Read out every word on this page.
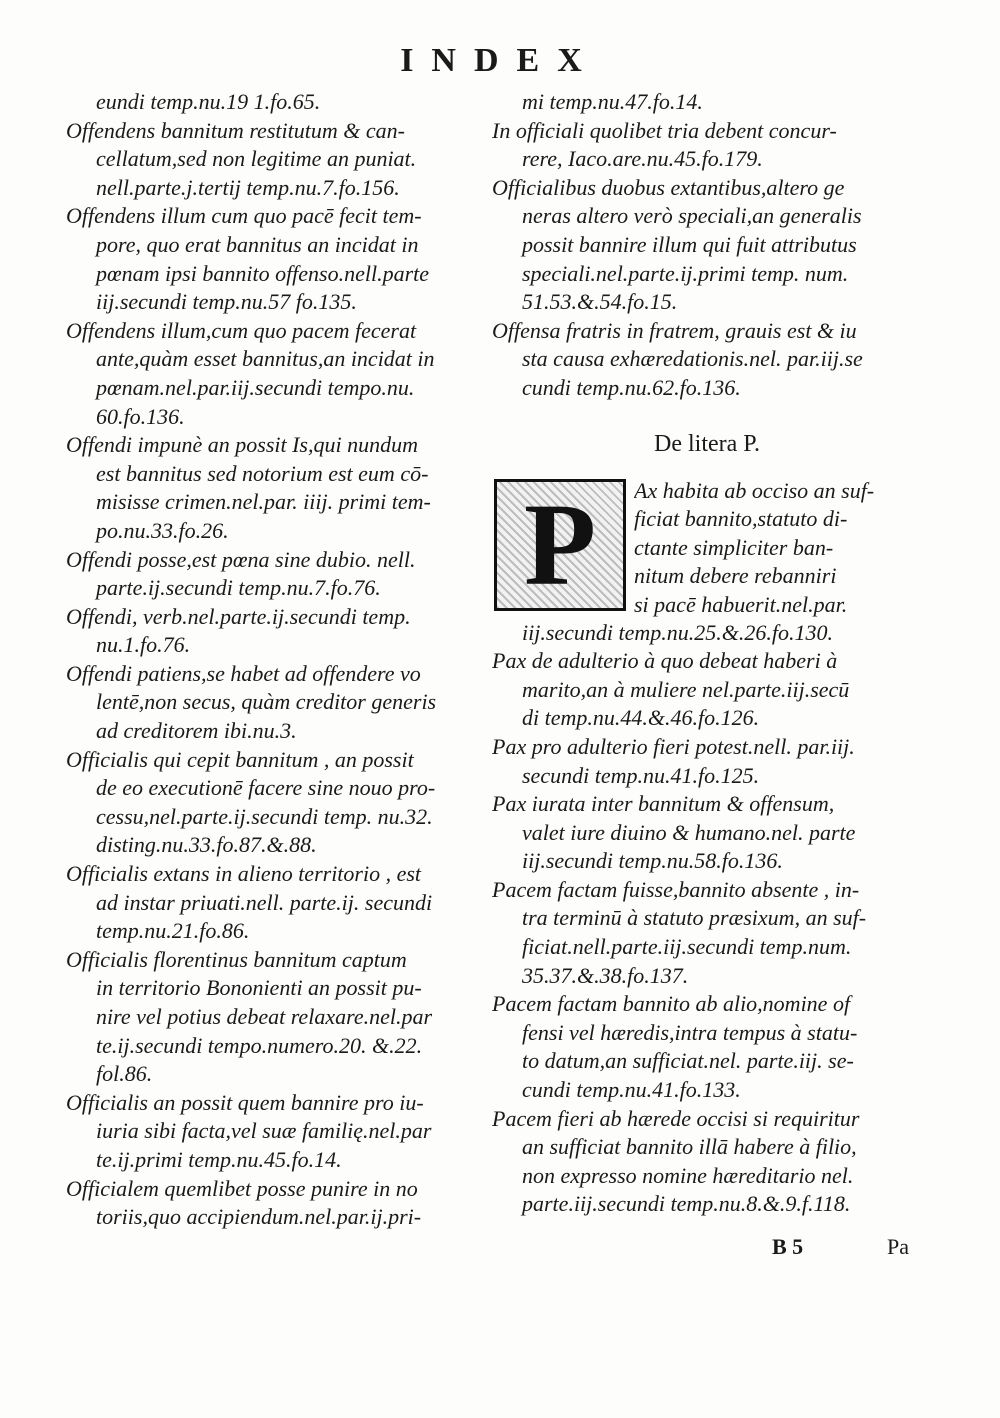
INDEX
eundi temp.nu.19 1.fo.65.
Offendens bannitum restitutum & can-
cellatum,sed non legitime an puniat.
nell.parte.j.tertij temp.nu.7.fo.156.
Offendens illum cum quo pacē fecit tem-
pore, quo erat bannitus an incidat in
pœnam ipsi bannito offenso.nell.parte
iij.secundi temp.nu.57 fo.135.
Offendens illum,cum quo pacem fecerat
ante,quàm esset bannitus,an incidat in
pœnam.nel.par.iij.secundi tempo.nu.
60.fo.136.
Offendi impunè an possit Is,qui nundum
est bannitus sed notorium est eum cō-
misisse crimen.nel.par. iiij. primi tem-
po.nu.33.fo.26.
Offendi posse,est pœna sine dubio. nell.
parte.ij.secundi temp.nu.7.fo.76.
Offendi, verb.nel.parte.ij.secundi temp.
nu.1.fo.76.
Offendi patiens,se habet ad offendere vo
lentē,non secus, quàm creditor generis
ad creditorem ibi.nu.3.
Officialis qui cepit bannitum , an possit
de eo executionē facere sine nouo pro-
cessu,nel.parte.ij.secundi temp. nu.32.
disting.nu.33.fo.87.&.88.
Officialis extans in alieno territorio , est
ad instar priuati.nell. parte.ij. secundi
temp.nu.21.fo.86.
Officialis florentinus bannitum captum
in territorio Bononienti an possit pu-
nire vel potius debeat relaxare.nel.par
te.ij.secundi tempo.numero.20. &.22.
fol.86.
Officialis an possit quem bannire pro iu-
iuria sibi facta,vel suæ familię.nel.par
te.ij.primi temp.nu.45.fo.14.
Officialem quemlibet posse punire in no
toriis,quo accipiendum.nel.par.ij.pri-
mi temp.nu.47.fo.14.
In officiali quolibet tria debent concur-
rere, Iaco.are.nu.45.fo.179.
Officialibus duobus extantibus,altero ge
neras altero verò speciali,an generalis
possit bannire illum qui fuit attributus
speciali.nel.parte.ij.primi temp. num.
51.53.&.54.fo.15.
Offensa fratris in fratrem, grauis est & iu
sta causa exhæredationis.nel. par.iij.se
cundi temp.nu.62.fo.136.
De litera P.
P Ax habita ab occiso an suf-
ficiat bannito,statuto di-
ctante simpliciter ban-
nitum debere rebanniri
si pacē habuerit.nel.par.
iij.secundi temp.nu.25.&.26.fo.130.
Pax de adulterio à quo debeat haberi à
marito,an à muliere nel.parte.iij.secū
di temp.nu.44.&.46.fo.126.
Pax pro adulterio fieri potest.nell. par.iij.
secundi temp.nu.41.fo.125.
Pax iurata inter bannitum & offensum,
valet iure diuino & humano.nel. parte
iij.secundi temp.nu.58.fo.136.
Pacem factam fuisse,bannito absente , in-
tra terminū à statuto præsixum, an suf-
ficiat.nell.parte.iij.secundi temp.num.
35.37.&.38.fo.137.
Pacem factam bannito ab alio,nomine of
fensi vel hæredis,intra tempus à statu-
to datum,an sufficiat.nel. parte.iij. se-
cundi temp.nu.41.fo.133.
Pacem fieri ab hærede occisi si requiritur
an sufficiat bannito illā habere à filio,
non expresso nomine hæreditario nel.
parte.iij.secundi temp.nu.8.&.9.f.118.
B 5	Pa
